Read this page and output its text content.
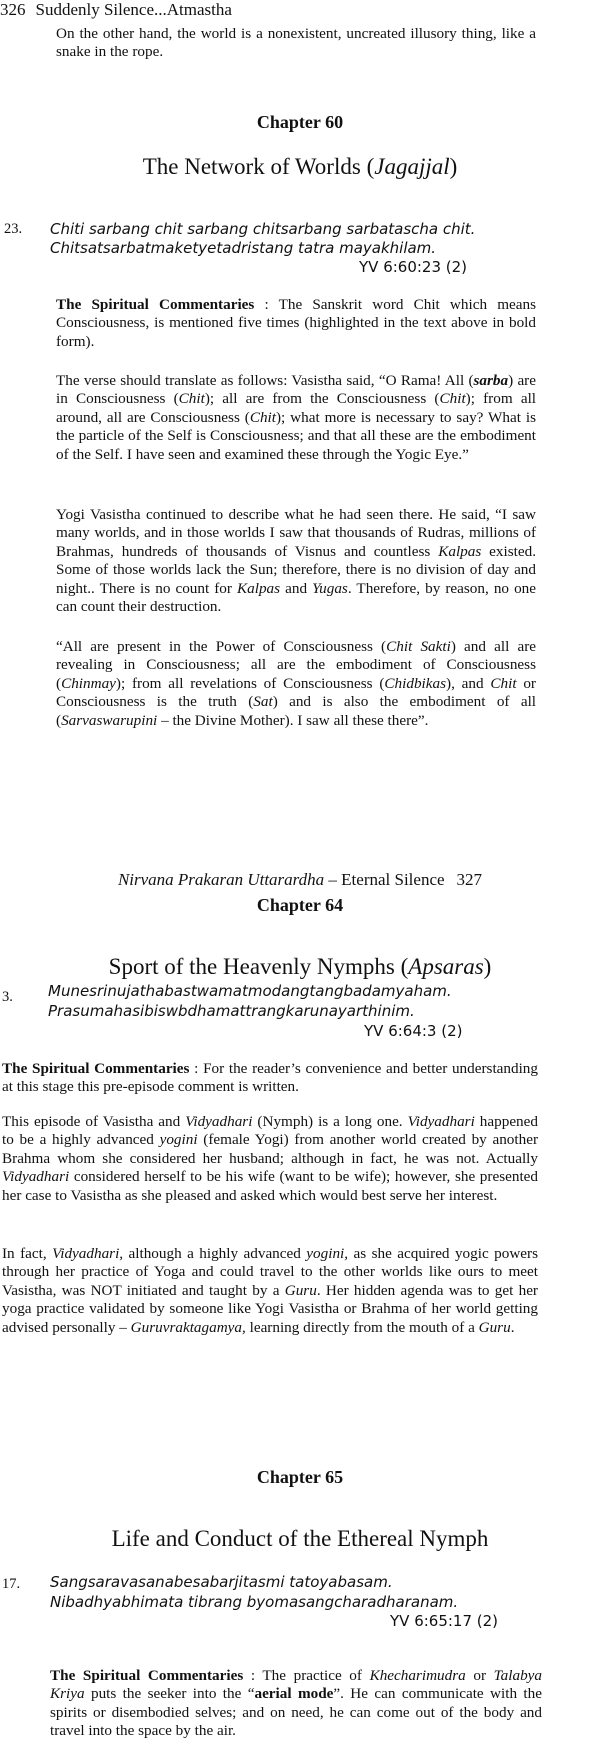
326 Suddenly Silence...Atmastha

On the other hand, the world is a nonexistent, uncreated illusory thing, like a snake in the rope.

Chapter 60
The Network of Worlds (Jagajjal)
23. Chiti sarbang chit sarbang chitsarbang sarbatascha chit.
Chitsatsarbatmaketyetadristang tatra mayakhilam.
YV 6:60:23 (2)

The Spiritual Commentaries : The Sanskrit word Chit which means Consciousness, is mentioned five times (highlighted in the text above in bold form).

The verse should translate as follows: Vasistha said, “O Rama! All (sarba) are in Consciousness (Chit); all are from the Consciousness (Chit); from all around, all are Consciousness (Chit); what more is necessary to say? What is the particle of the Self is Consciousness; and that all these are the embodiment of the Self. I have seen and examined these through the Yogic Eye.”

Yogi Vasistha continued to describe what he had seen there. He said, “I saw many worlds, and in those worlds I saw that thousands of Rudras, millions of Brahmas, hundreds of thousands of Visnus and countless Kalpas existed. Some of those worlds lack the Sun; therefore, there is no division of day and night.. There is no count for Kalpas and Yugas. Therefore, by reason, no one can count their destruction.

“All are present in the Power of Consciousness (Chit Sakti) and all are revealing in Consciousness; all are the embodiment of Consciousness (Chinmay); from all revelations of Consciousness (Chidbikas), and Chit or Consciousness is the truth (Sat) and is also the embodiment of all (Sarvaswarupini – the Divine Mother). I saw all these there”.

Nirvana Prakaran Uttarardha – Eternal Silence 327
Chapter 64
Sport of the Heavenly Nymphs (Apsaras)
3. Munesrinujathabastwamatmodangtangbadamyaham.
Prasumahasibiswbdhamattrangkarunayarthinim.
YV 6:64:3 (2)

The Spiritual Commentaries : For the reader’s convenience and better understanding at this stage this pre-episode comment is written.

This episode of Vasistha and Vidyadhari (Nymph) is a long one. Vidyadhari happened to be a highly advanced yogini (female Yogi) from another world created by another Brahma whom she considered her husband; although in fact, he was not. Actually Vidyadhari considered herself to be his wife (want to be wife); however, she presented her case to Vasistha as she pleased and asked which would best serve her interest.

In fact, Vidyadhari, although a highly advanced yogini, as she acquired yogic powers through her practice of Yoga and could travel to the other worlds like ours to meet Vasistha, was NOT initiated and taught by a Guru. Her hidden agenda was to get her yoga practice validated by someone like Yogi Vasistha or Brahma of her world getting advised personally – Guruvraktagamya, learning directly from the mouth of a Guru.

Chapter 65
Life and Conduct of the Ethereal Nymph
17. Sangsaravasanabesabarjitasmi tatoyabasam.
Nibadhyabhimata tibrang byomasangcharadharanam.
YV 6:65:17 (2)

The Spiritual Commentaries : The practice of Khecharimudra or Talabya Kriya puts the seeker into the “aerial mode”. He can communicate with the spirits or disembodied selves; and on need, he can come out of the body and travel into the space by the air.
